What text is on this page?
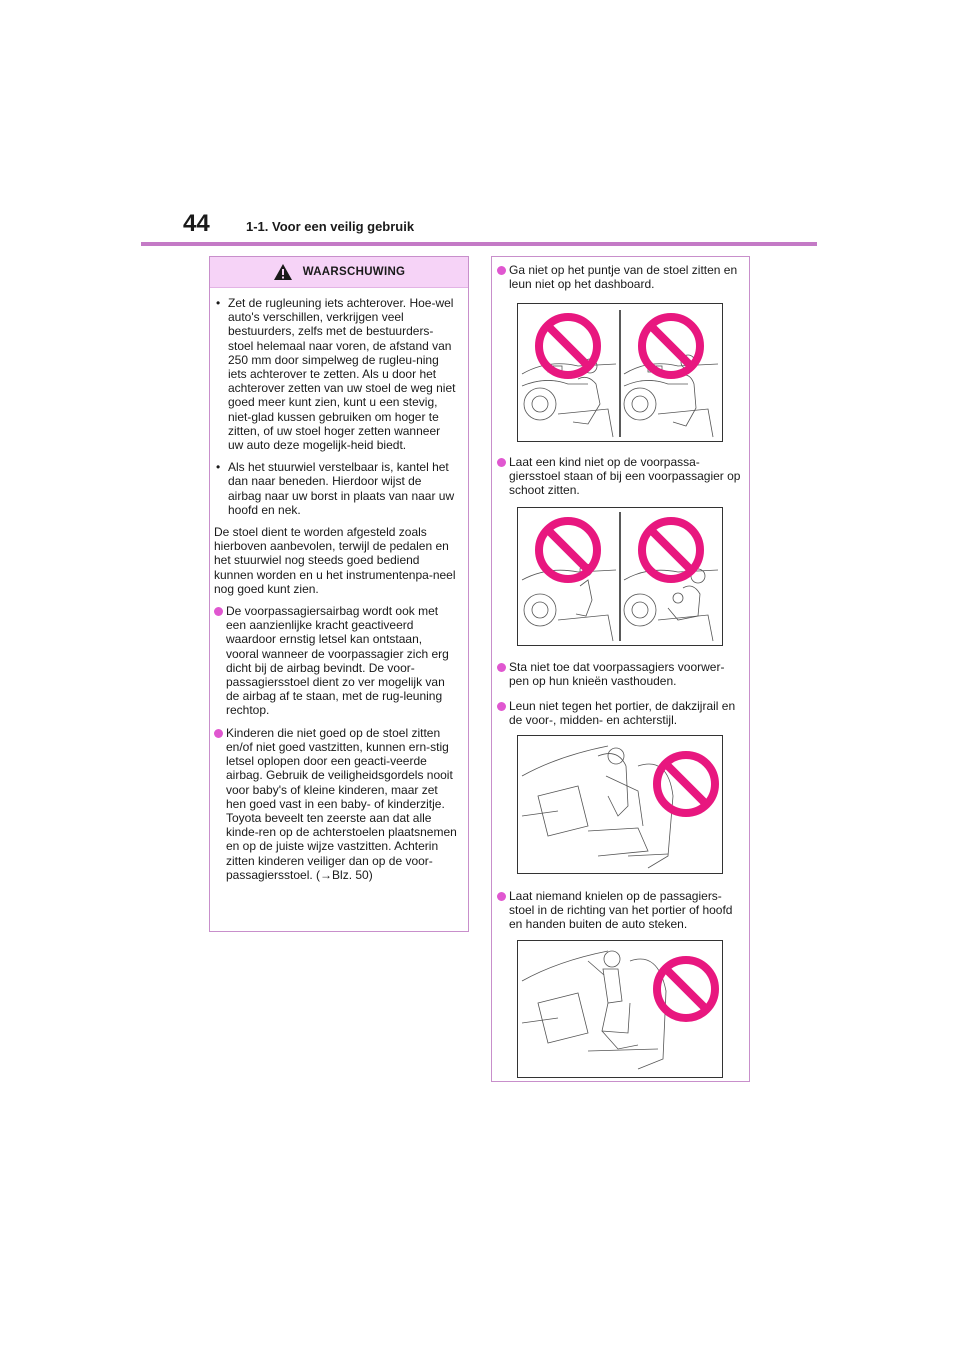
44	1-1. Voor een veilig gebruik
WAARSCHUWING
• Zet de rugleuning iets achterover. Hoe-wel auto's verschillen, verkrijgen veel bestuurders, zelfs met de bestuurders-stoel helemaal naar voren, de afstand van 250 mm door simpelweg de rugleu-ning iets achterover te zetten. Als u door het achterover zetten van uw stoel de weg niet goed meer kunt zien, kunt u een stevig, niet-glad kussen gebruiken om hoger te zitten, of uw stoel hoger zetten wanneer uw auto deze mogelijk-heid biedt.
• Als het stuurwiel verstelbaar is, kantel het dan naar beneden. Hierdoor wijst de airbag naar uw borst in plaats van naar uw hoofd en nek.

De stoel dient te worden afgesteld zoals hierboven aanbevolen, terwijl de pedalen en het stuurwiel nog steeds goed bediend kunnen worden en u het instrumentenpa-neel nog goed kunt zien.

De voorpassagiersairbag wordt ook met een aanzienlijke kracht geactiveerd waardoor ernstig letsel kan ontstaan, vooral wanneer de voorpassagier zich erg dicht bij de airbag bevindt. De voor-passagiersstoel dient zo ver mogelijk van de airbag af te staan, met de rug-leuning rechtop.
Kinderen die niet goed op de stoel zitten en/of niet goed vastzitten, kunnen ern-stig letsel oplopen door een geacti-veerde airbag. Gebruik de veiligheidsgordels nooit voor baby's of kleine kinderen, maar zet hen goed vast in een baby- of kinderzitje. Toyota beveelt ten zeerste aan dat alle kinde-ren op de achterstoelen plaatsnemen en op de juiste wijze vastzitten. Achterin zitten kinderen veiliger dan op de voor-passagiersstoel. (→Blz. 50)
Ga niet op het puntje van de stoel zitten en leun niet op het dashboard.
Laat een kind niet op de voorpassa-giersstoel staan of bij een voorpassagier op schoot zitten.
Sta niet toe dat voorpassagiers voorwer-pen op hun knieën vasthouden.
Leun niet tegen het portier, de dakzijrail en de voor-, midden- en achterstijl.
Laat niemand knielen op de passagiers-stoel in de richting van het portier of hoofd en handen buiten de auto steken.
